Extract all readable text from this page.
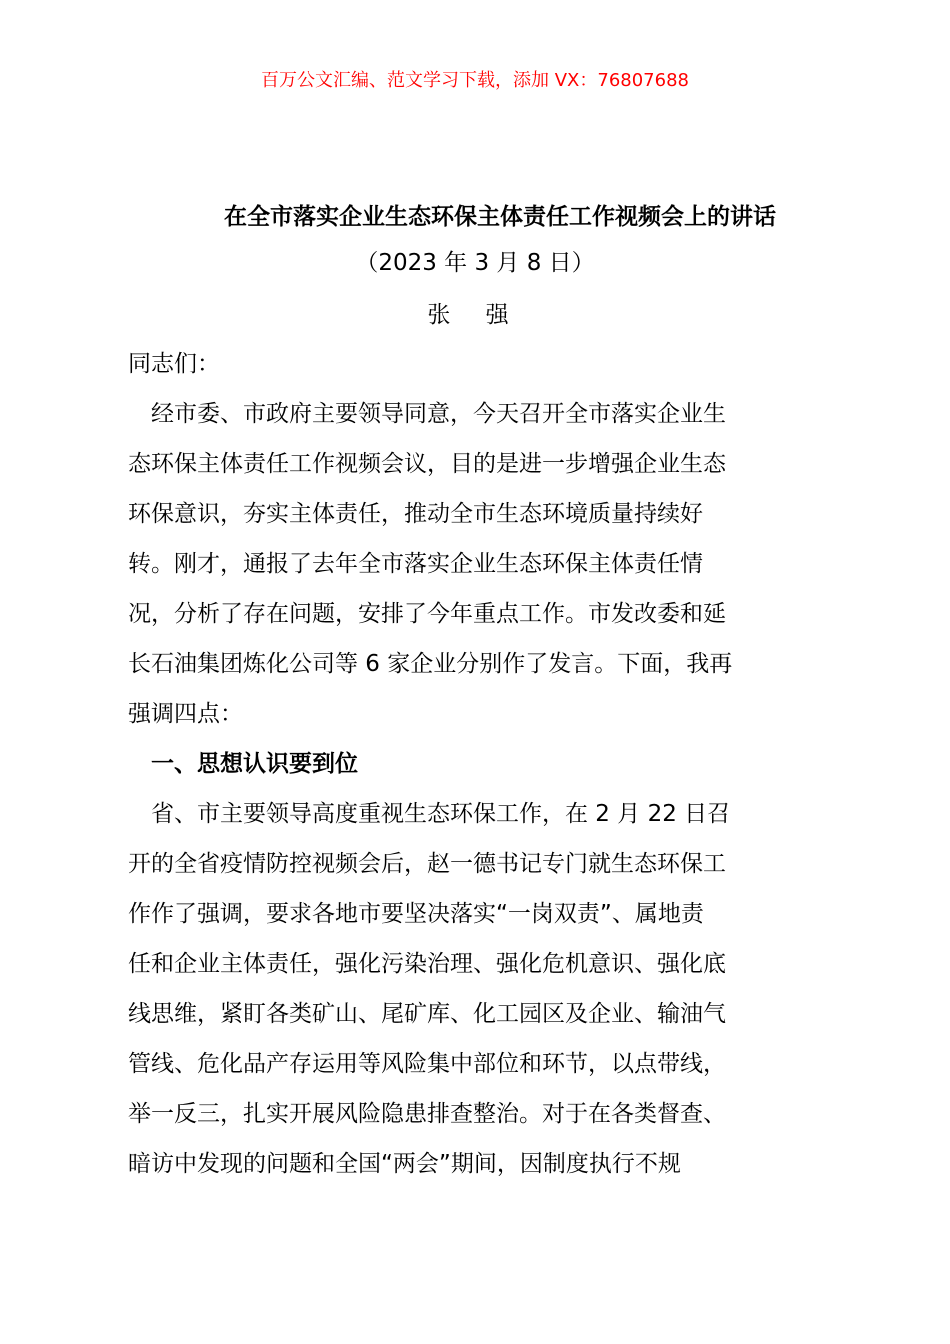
百万公文汇编、范文学习下载，添加 VX：76807688
在全市落实企业生态环保主体责任工作视频会上的讲话
（2023 年 3 月 8 日）
张 强
同志们：
　经市委、市政府主要领导同意，今天召开全市落实企业生
态环保主体责任工作视频会议，目的是进一步增强企业生态
环保意识，夯实主体责任，推动全市生态环境质量持续好
转。刚才，通报了去年全市落实企业生态环保主体责任情
况，分析了存在问题，安排了今年重点工作。市发改委和延
长石油集团炼化公司等 6 家企业分别作了发言。下面，我再
强调四点：
　一、思想认识要到位
　省、市主要领导高度重视生态环保工作，在 2 月 22 日召
开的全省疫情防控视频会后，赵一德书记专门就生态环保工
作作了强调，要求各地市要坚决落实“一岗双责”、属地责
任和企业主体责任，强化污染治理、强化危机意识、强化底
线思维，紧盯各类矿山、尾矿库、化工园区及企业、输油气
管线、危化品产存运用等风险集中部位和环节，以点带线，
举一反三，扎实开展风险隐患排查整治。对于在各类督查、
暗访中发现的问题和全国“两会”期间，因制度执行不规
